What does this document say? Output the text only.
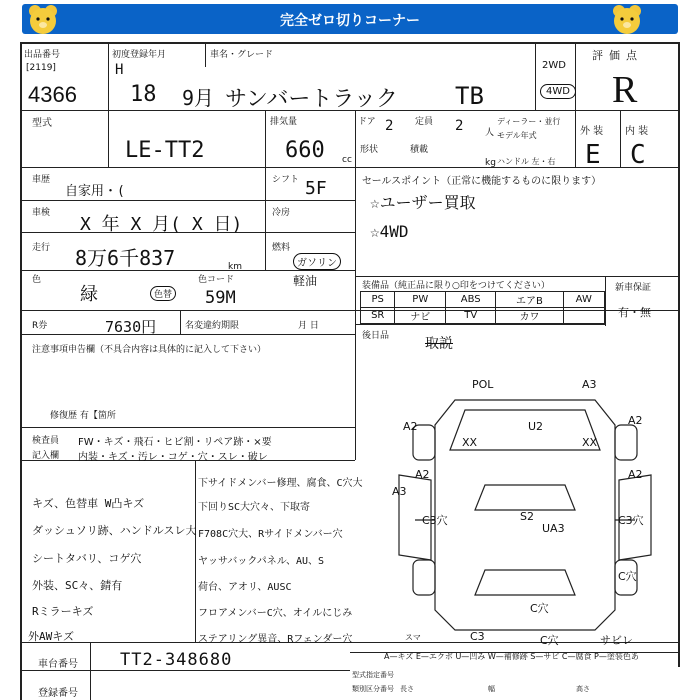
完全ゼロ切りコーナー
出品番号
[2119]
4366
初度登録年月
H
18 9月
車名・グレード
サンバートラック TB
2WD
4WD
評価点
R
型式
LE-TT2
排気量
660 cc
ドア 2 定員 2 人
ディーラー・並行
モデル年式
形状	積載
kg ハンドル 左・右
外 装 内 装
E C
車歴
自家用・(
シフト 5F	セールスポイント（正常に機能するものに限ります）
☆ユーザー買取
☆4WD
車検
X 年 X 月( X 日)
冷房
走行 8万6千837	km
燃料
ガソリン
軽油
色
緑	色替
色コード
59M
装備品（純正品に限り○印をつけてください）	新車保証
有・無
PS	PW	ABS	エアB	AW
SR	ナビ	TV	カワ	
R券	7630円	名変違約期限	月 日
後日品	取説
注意事項申告欄（不具合内容は具体的に記入して下さい）
修復歴 有【箇所
検査員 FW・キズ・飛石・ヒビ割・リペア跡・×要
記入欄 内装・キズ・汚レ・コゲ・穴・スレ・破レ
キズ、色替車 W凸キズ
ダッシュソリ跡、ハンドルスレ大
シートタバリ、コゲ穴
外装、SC々、錆有
Rミラーキズ
外AWキズ
下サイドメンバー修理、腐食、C穴大
下回りSC大穴々、下取寄
F708C穴大、Rサイドメンバー穴
ヤッサバックパネル、AU、S
荷台、アオリ、AUSC
フロアメンバーC穴、オイルにじみ
ステアリング異音、Rフェンダー穴
POL	A3
U2
A2	A2
XX	XX
A2	A2
A3
C3穴	C3穴
S2
UA3
C穴
C3	C穴
C穴
サビレ
スマ
A—キズ E—エクボ U—凹み W—補修跡 S—サビ C—腐食 P—塗装色あ
車台番号 TT2-348680
登録番号
型式指定番号
類別区分番号 長さ	幅	高さ
